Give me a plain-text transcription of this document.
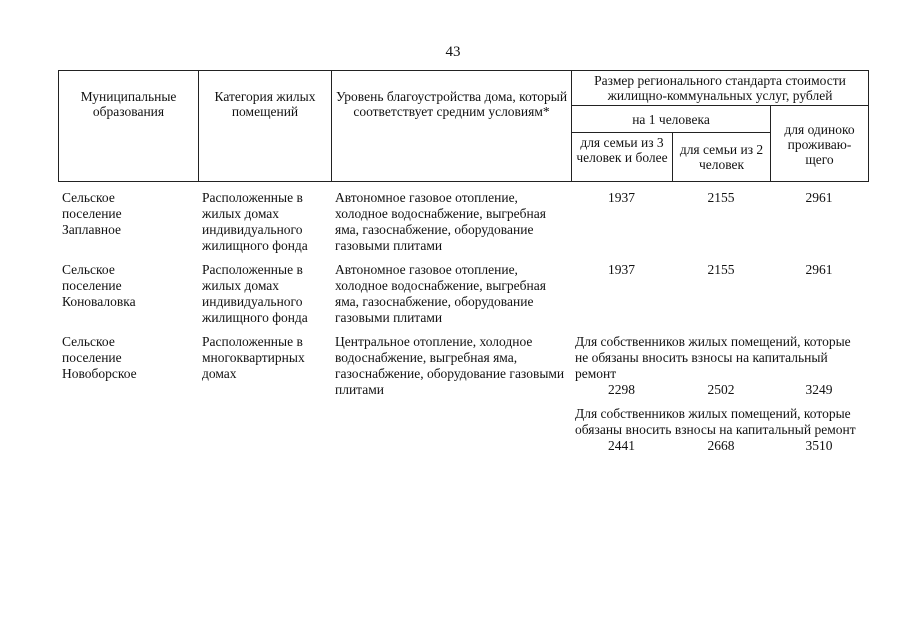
43
Муниципальные образования	Категория жилых помещений	Уровень благоустройства дома, который соответствует средним условиям*	Размер регионального стандарта стоимости жилищно-коммунальных услуг, рублей		
			на 1 человека		для одиноко проживаю-щего
			для семьи из 3 человек и более	для семьи из 2 человек	
Сельское поселение Заплавное	Расположенные в жилых домах индивидуального жилищного фонда	Автономное газовое отопление, холодное водоснабжение, выгребная яма, газоснабжение, оборудование газовыми плитами	1937	2155	2961

Сельское поселение Коноваловка	Расположенные в жилых домах индивидуального жилищного фонда	Автономное газовое отопление, холодное водоснабжение, выгребная яма, газоснабжение, оборудование газовыми плитами	1937	2155	2961

Сельское поселение Новоборское	Расположенные в многоквартирных домах	Центральное отопление, холодное водоснабжение, выгребная яма, газоснабжение, оборудование газовыми плитами	Для собственников жилых помещений, которые не обязаны вносить взносы на капитальный ремонт		
			2298	2502	3249

			Для собственников жилых помещений, которые обязаны вносить взносы на капитальный ремонт		
			2441	2668	3510
